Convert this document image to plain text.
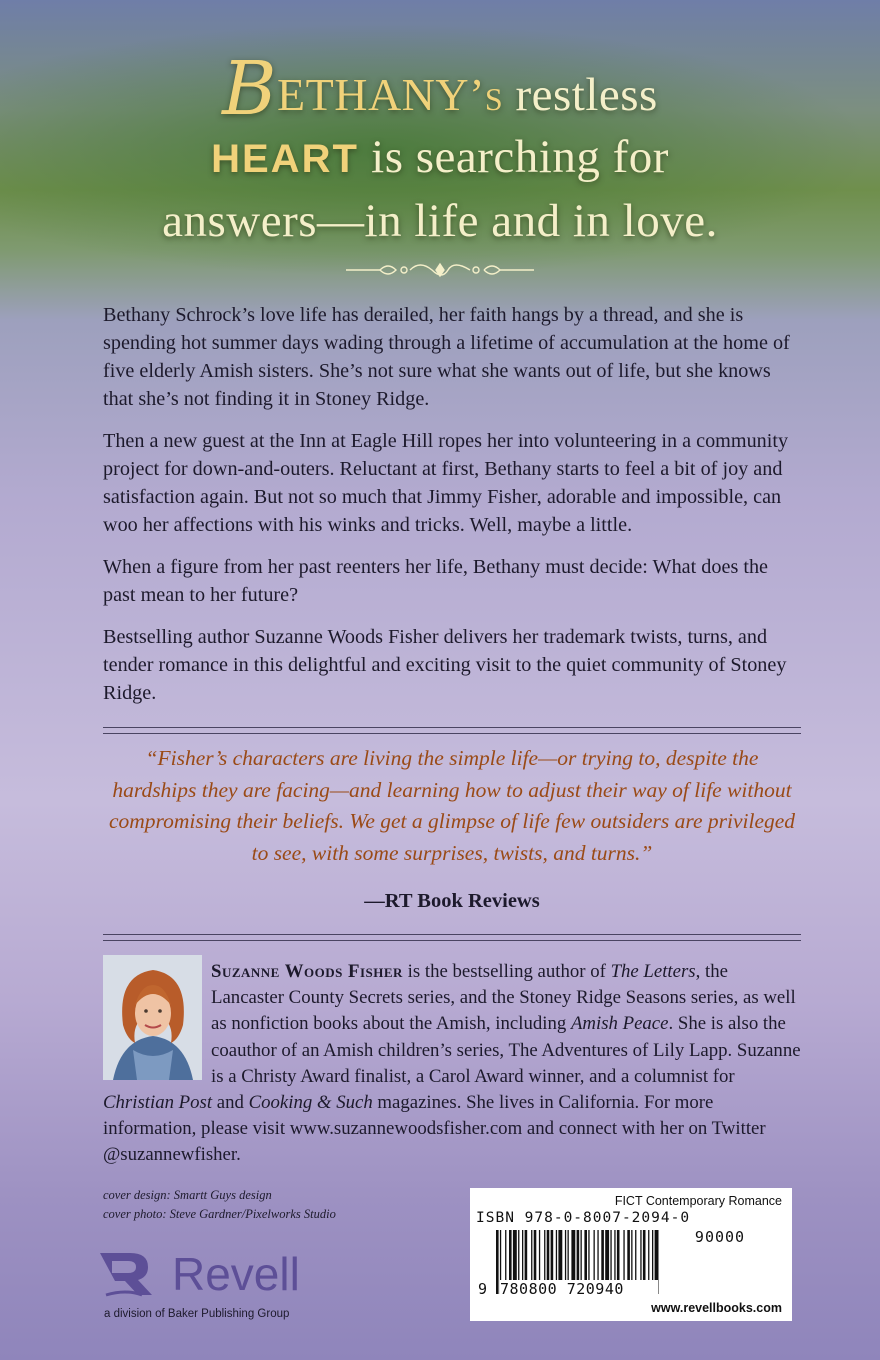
BETHANY’s restless
HEART is searching for
answers—in life and in love.

Bethany Schrock’s love life has derailed, her faith hangs by a thread, and she is spending hot summer days wading through a lifetime of accumulation at the home of five elderly Amish sisters. She’s not sure what she wants out of life, but she knows that she’s not finding it in Stoney Ridge.

Then a new guest at the Inn at Eagle Hill ropes her into volunteering in a community project for down-and-outers. Reluctant at first, Bethany starts to feel a bit of joy and satisfaction again. But not so much that Jimmy Fisher, adorable and impossible, can woo her affections with his winks and tricks. Well, maybe a little.

When a figure from her past reenters her life, Bethany must decide: What does the past mean to her future?

Bestselling author Suzanne Woods Fisher delivers her trademark twists, turns, and tender romance in this delightful and exciting visit to the quiet community of Stoney Ridge.

“Fisher’s characters are living the simple life—or trying to, despite the hardships they are facing—and learning how to adjust their way of life without compromising their beliefs. We get a glimpse of life few outsiders are privileged to see, with some surprises, twists, and turns.”
—RT Book Reviews
Suzanne Woods Fisher is the bestselling author of The Letters, the Lancaster County Secrets series, and the Stoney Ridge Seasons series, as well as nonfiction books about the Amish, including Amish Peace. She is also the coauthor of an Amish children’s series, The Adventures of Lily Lapp. Suzanne is a Christy Award finalist, a Carol Award winner, and a columnist for Christian Post and Cooking & Such magazines. She lives in California. For more information, please visit www.suzannewoodsfisher.com and connect with her on Twitter @suzannewfisher.
cover design: Smartt Guys design
cover photo: Steve Gardner/Pixelworks Studio
Revell
a division of Baker Publishing Group
FICT Contemporary Romance
ISBN 978-0-8007-2094-0
90000
9 780800 720940
www.revellbooks.com
